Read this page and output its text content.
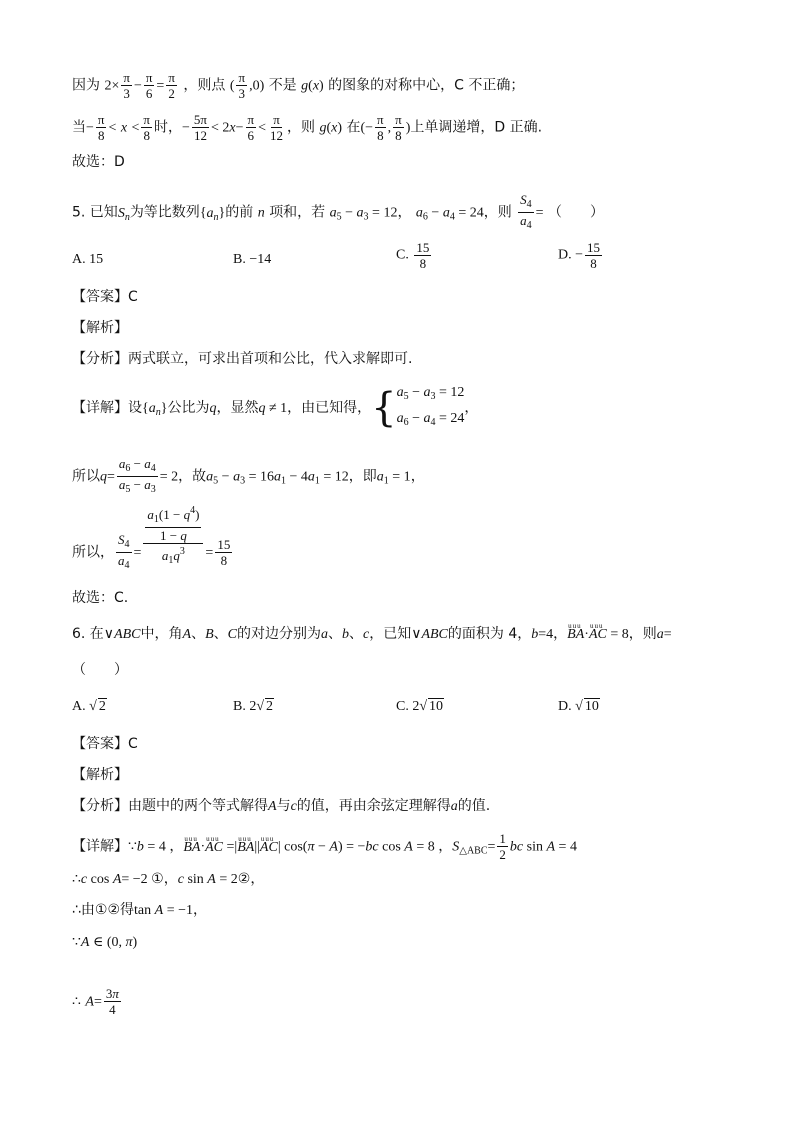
因为 $2\times \frac{\pi}{3} - \frac{\pi}{6} = \frac{\pi}{2}$ ，则点 ( $\frac{\pi}{3} ,0$) 不是 g(x) 的图象的对称中心，C 不正确；
当− $\frac{\pi}{8} < x < \frac{\pi}{8}$ 时，− $\frac{5\pi}{12} < 2x- \frac{\pi}{6} < \frac{\pi}{12}$ ，则 g(x) 在(− $\frac{\pi}{8}$ , $\frac{\pi}{8}$ )上单调递增，D 正确.
故选：D
5. 已知$S_n$为等比数列$\{a_n\}$的前 n 项和，若 $a_5 - a_3 = 12$， $a_6 - a_4 = 24$，则 $\frac{S_4}{a_4}$ = （　　）
A. 15	B. −14	C. $\frac{15}{8}$	D. − $\frac{15}{8}$
【答案】C
【解析】
【分析】两式联立，可求出首项和公比，代入求解即可.
【详解】设$\{a_n\}$公比为q，显然q ≠ 1，由已知得，{ $a_5 - a_3 = 12$
$a_6 - a_4 = 24$
，
所以$q= \frac{a_6 - a_4}{a_5 - a_3} = 2$，故$a_5 - a_3 = 16a_1 - 4a_1 = 12$，即$a_1 = 1$，
所以， $\frac{S_4}{a_4} = \frac{\frac{a_1(1 - q^4)}{1 - q}}{a_1q^3} = \frac{15}{8}$
故选：C.
6. 在∨ABC中，角A、B、C的对边分别为a、b、c，已知∨ABC的面积为 4，b=4，uuu BA·uuu AC = 8，则a=
（　　）
A. √ 2	B. 2√ 2	C. 2√ 10	D. √ 10
【答案】C
【解析】
【分析】由题中的两个等式解得A与c的值，再由余弦定理解得a的值.
【详解】∵b = 4 ，uuu BA·uuu AC =|uuu BA||uuu AC| cos(π − A) = −bc cos A = 8 ，$S_{\triangle ABC}= \frac{1}{2}$ bc sin A = 4
∴c cos A= −2 ①，c sin A = 2②，
∴由①②得tan A = −1，
∵A ∈ (0, π)
∴ $A= \frac{3\pi}{4}$
